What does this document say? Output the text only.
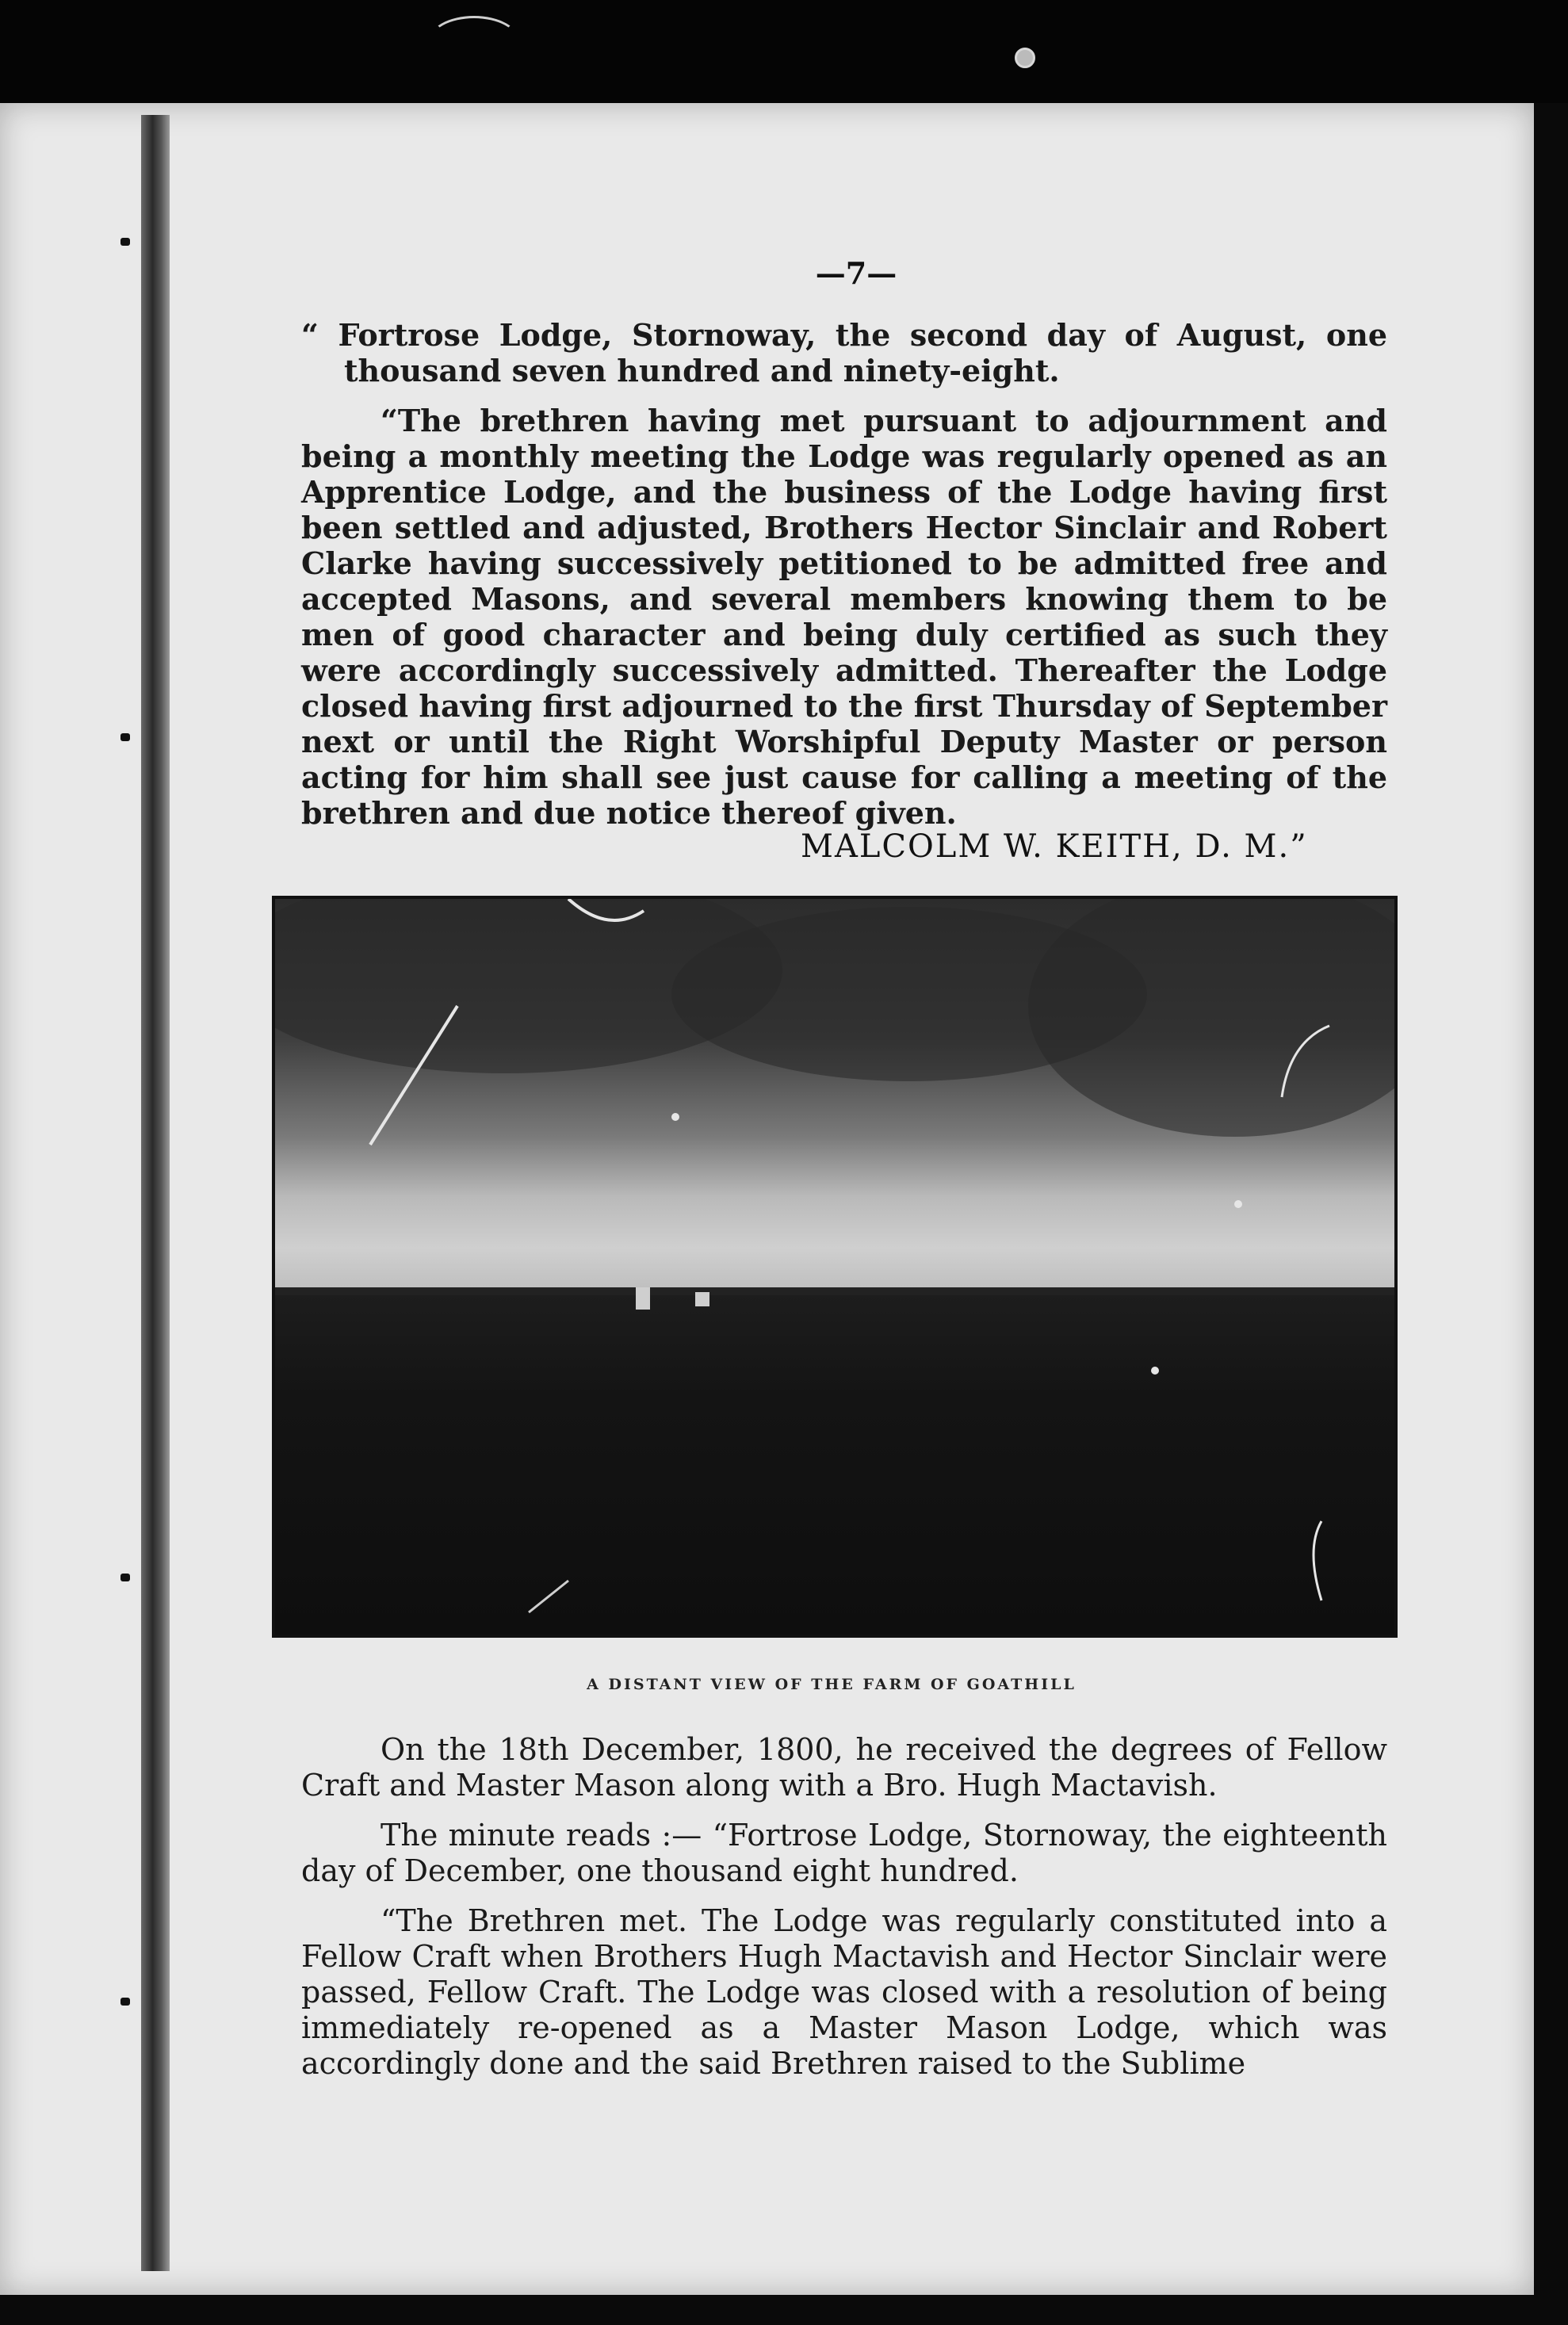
—7—

“ Fortrose Lodge, Stornoway, the second day of August, one thousand seven hundred and ninety-eight.

“The brethren having met pursuant to adjournment and being a monthly meeting the Lodge was regularly opened as an Apprentice Lodge, and the business of the Lodge having first been settled and adjusted, Brothers Hector Sinclair and Robert Clarke having successively petitioned to be admitted free and accepted Masons, and several members knowing them to be men of good character and being duly certified as such they were accordingly successively admitted. Thereafter the Lodge closed having first adjourned to the first Thursday of September next or until the Right Worshipful Deputy Master or person acting for him shall see just cause for calling a meeting of the brethren and due notice thereof given.

MALCOLM W. KEITH, D. M.”
A DISTANT VIEW OF THE FARM OF GOATHILL

On the 18th December, 1800, he received the degrees of Fellow Craft and Master Mason along with a Bro. Hugh Mactavish.

The minute reads :— “Fortrose Lodge, Stornoway, the eighteenth day of December, one thousand eight hundred.

“The Brethren met. The Lodge was regularly constituted into a Fellow Craft when Brothers Hugh Mactavish and Hector Sinclair were passed, Fellow Craft. The Lodge was closed with a resolution of being immediately re-opened as a Master Mason Lodge, which was accordingly done and the said Brethren raised to the Sublime
